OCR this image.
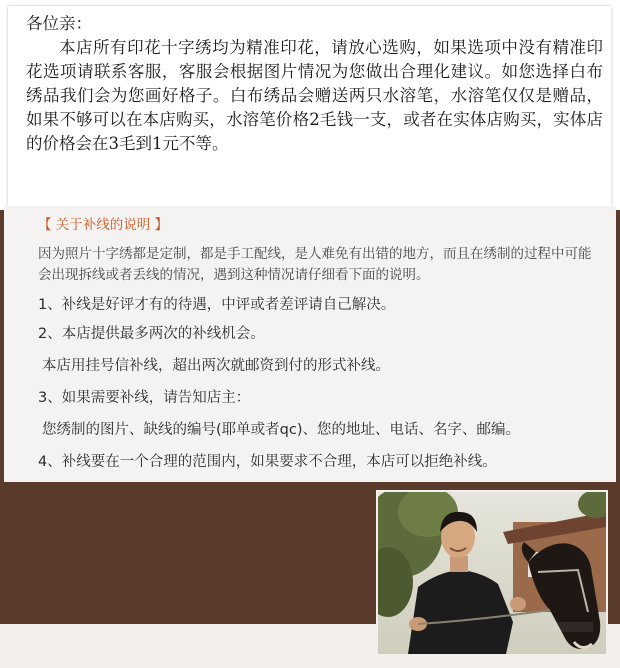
各位亲：
本店所有印花十字绣均为精准印花，请放心选购，如果选项中没有精准印花选项请联系客服，客服会根据图片情况为您做出合理化建议。如您选择白布绣品我们会为您画好格子。白布绣品会赠送两只水溶笔，水溶笔仅仅是赠品，如果不够可以在本店购买，水溶笔价格2毛钱一支，或者在实体店购买，实体店的价格会在3毛到1元不等。
【 关于补线的说明 】
因为照片十字绣都是定制，都是手工配线，是人难免有出错的地方，而且在绣制的过程中可能会出现拆线或者丢线的情况，遇到这种情况请仔细看下面的说明。
1、补线是好评才有的待遇，中评或者差评请自己解决。
2、本店提供最多两次的补线机会。
本店用挂号信补线，超出两次就邮资到付的形式补线。
3、如果需要补线，请告知店主：
您绣制的图片、缺线的编号(耶单或者qc)、您的地址、电话、名字、邮编。
4、补线要在一个合理的范围内，如果要求不合理，本店可以拒绝补线。
